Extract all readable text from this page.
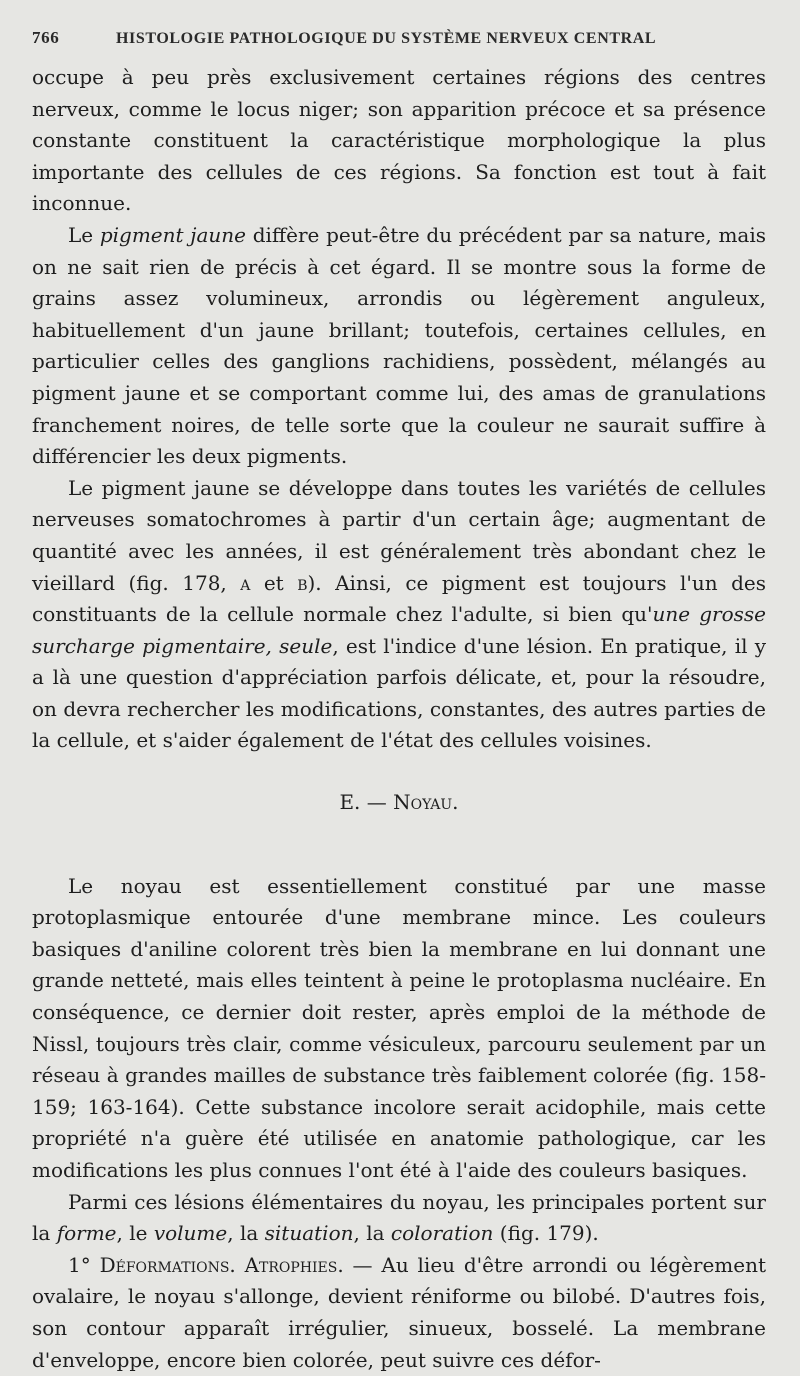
766	HISTOLOGIE PATHOLOGIQUE DU SYSTÈME NERVEUX CENTRAL

occupe à peu près exclusivement certaines régions des centres nerveux, comme le locus niger; son apparition précoce et sa présence constante constituent la caractéristique morphologique la plus importante des cellules de ces régions. Sa fonction est tout à fait inconnue.

Le pigment jaune diffère peut-être du précédent par sa nature, mais on ne sait rien de précis à cet égard. Il se montre sous la forme de grains assez volumineux, arrondis ou légèrement anguleux, habituellement d'un jaune brillant; toutefois, certaines cellules, en particulier celles des ganglions rachidiens, possèdent, mélangés au pigment jaune et se comportant comme lui, des amas de granulations franchement noires, de telle sorte que la couleur ne saurait suffire à différencier les deux pigments.

Le pigment jaune se développe dans toutes les variétés de cellules nerveuses somatochromes à partir d'un certain âge; augmentant de quantité avec les années, il est généralement très abondant chez le vieillard (fig. 178, a et b). Ainsi, ce pigment est toujours l'un des constituants de la cellule normale chez l'adulte, si bien qu'une grosse surcharge pigmentaire, seule, est l'indice d'une lésion. En pratique, il y a là une question d'appréciation parfois délicate, et, pour la résoudre, on devra rechercher les modifications, constantes, des autres parties de la cellule, et s'aider également de l'état des cellules voisines.

E. — Noyau.

Le noyau est essentiellement constitué par une masse protoplasmique entourée d'une membrane mince. Les couleurs basiques d'aniline colorent très bien la membrane en lui donnant une grande netteté, mais elles teintent à peine le protoplasma nucléaire. En conséquence, ce dernier doit rester, après emploi de la méthode de Nissl, toujours très clair, comme vésiculeux, parcouru seulement par un réseau à grandes mailles de substance très faiblement colorée (fig. 158-159; 163-164). Cette substance incolore serait acidophile, mais cette propriété n'a guère été utilisée en anatomie pathologique, car les modifications les plus connues l'ont été à l'aide des couleurs basiques.

Parmi ces lésions élémentaires du noyau, les principales portent sur la forme, le volume, la situation, la coloration (fig. 179).

1° Déformations. Atrophies. — Au lieu d'être arrondi ou légèrement ovalaire, le noyau s'allonge, devient réniforme ou bilobé. D'autres fois, son contour apparaît irrégulier, sinueux, bosselé. La membrane d'enveloppe, encore bien colorée, peut suivre ces défor-
